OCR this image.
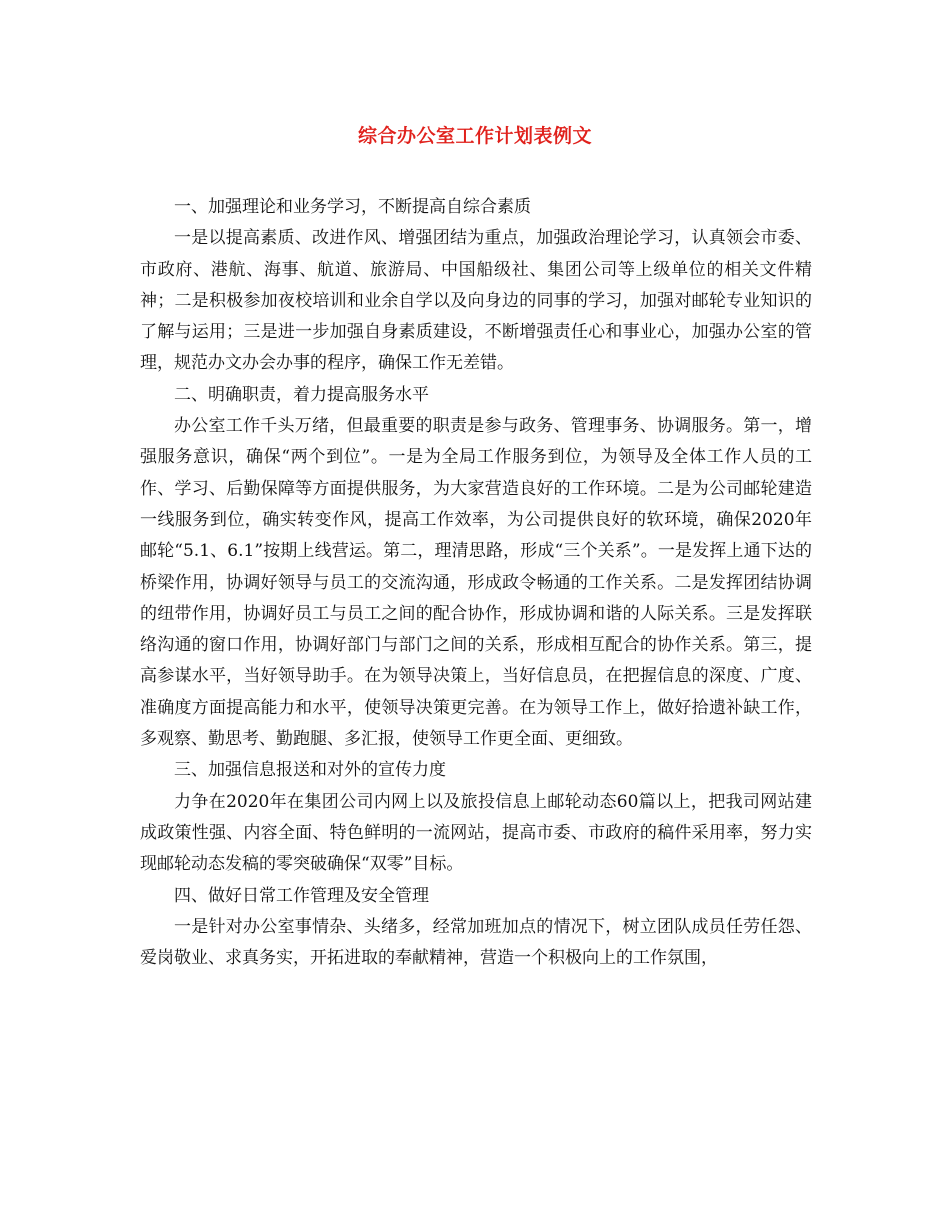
综合办公室工作计划表例文

一、加强理论和业务学习，不断提高自综合素质

一是以提高素质、改进作风、增强团结为重点，加强政治理论学习，认真领会市委、市政府、港航、海事、航道、旅游局、中国船级社、集团公司等上级单位的相关文件精神；二是积极参加夜校培训和业余自学以及向身边的同事的学习，加强对邮轮专业知识的了解与运用；三是进一步加强自身素质建设，不断增强责任心和事业心，加强办公室的管理，规范办文办会办事的程序，确保工作无差错。

二、明确职责，着力提高服务水平

办公室工作千头万绪，但最重要的职责是参与政务、管理事务、协调服务。第一，增强服务意识，确保“两个到位”。一是为全局工作服务到位，为领导及全体工作人员的工作、学习、后勤保障等方面提供服务，为大家营造良好的工作环境。二是为公司邮轮建造一线服务到位，确实转变作风，提高工作效率，为公司提供良好的软环境，确保2020年邮轮“5.1、6.1”按期上线营运。第二，理清思路，形成“三个关系”。一是发挥上通下达的桥梁作用，协调好领导与员工的交流沟通，形成政令畅通的工作关系。二是发挥团结协调的纽带作用，协调好员工与员工之间的配合协作，形成协调和谐的人际关系。三是发挥联络沟通的窗口作用，协调好部门与部门之间的关系，形成相互配合的协作关系。第三，提高参谋水平，当好领导助手。在为领导决策上，当好信息员，在把握信息的深度、广度、准确度方面提高能力和水平，使领导决策更完善。在为领导工作上，做好拾遗补缺工作，多观察、勤思考、勤跑腿、多汇报，使领导工作更全面、更细致。

三、加强信息报送和对外的宣传力度

力争在2020年在集团公司内网上以及旅投信息上邮轮动态60篇以上，把我司网站建成政策性强、内容全面、特色鲜明的一流网站，提高市委、市政府的稿件采用率，努力实现邮轮动态发稿的零突破确保“双零”目标。

四、做好日常工作管理及安全管理

一是针对办公室事情杂、头绪多，经常加班加点的情况下，树立团队成员任劳任怨、爱岗敬业、求真务实，开拓进取的奉献精神，营造一个积极向上的工作氛围，
